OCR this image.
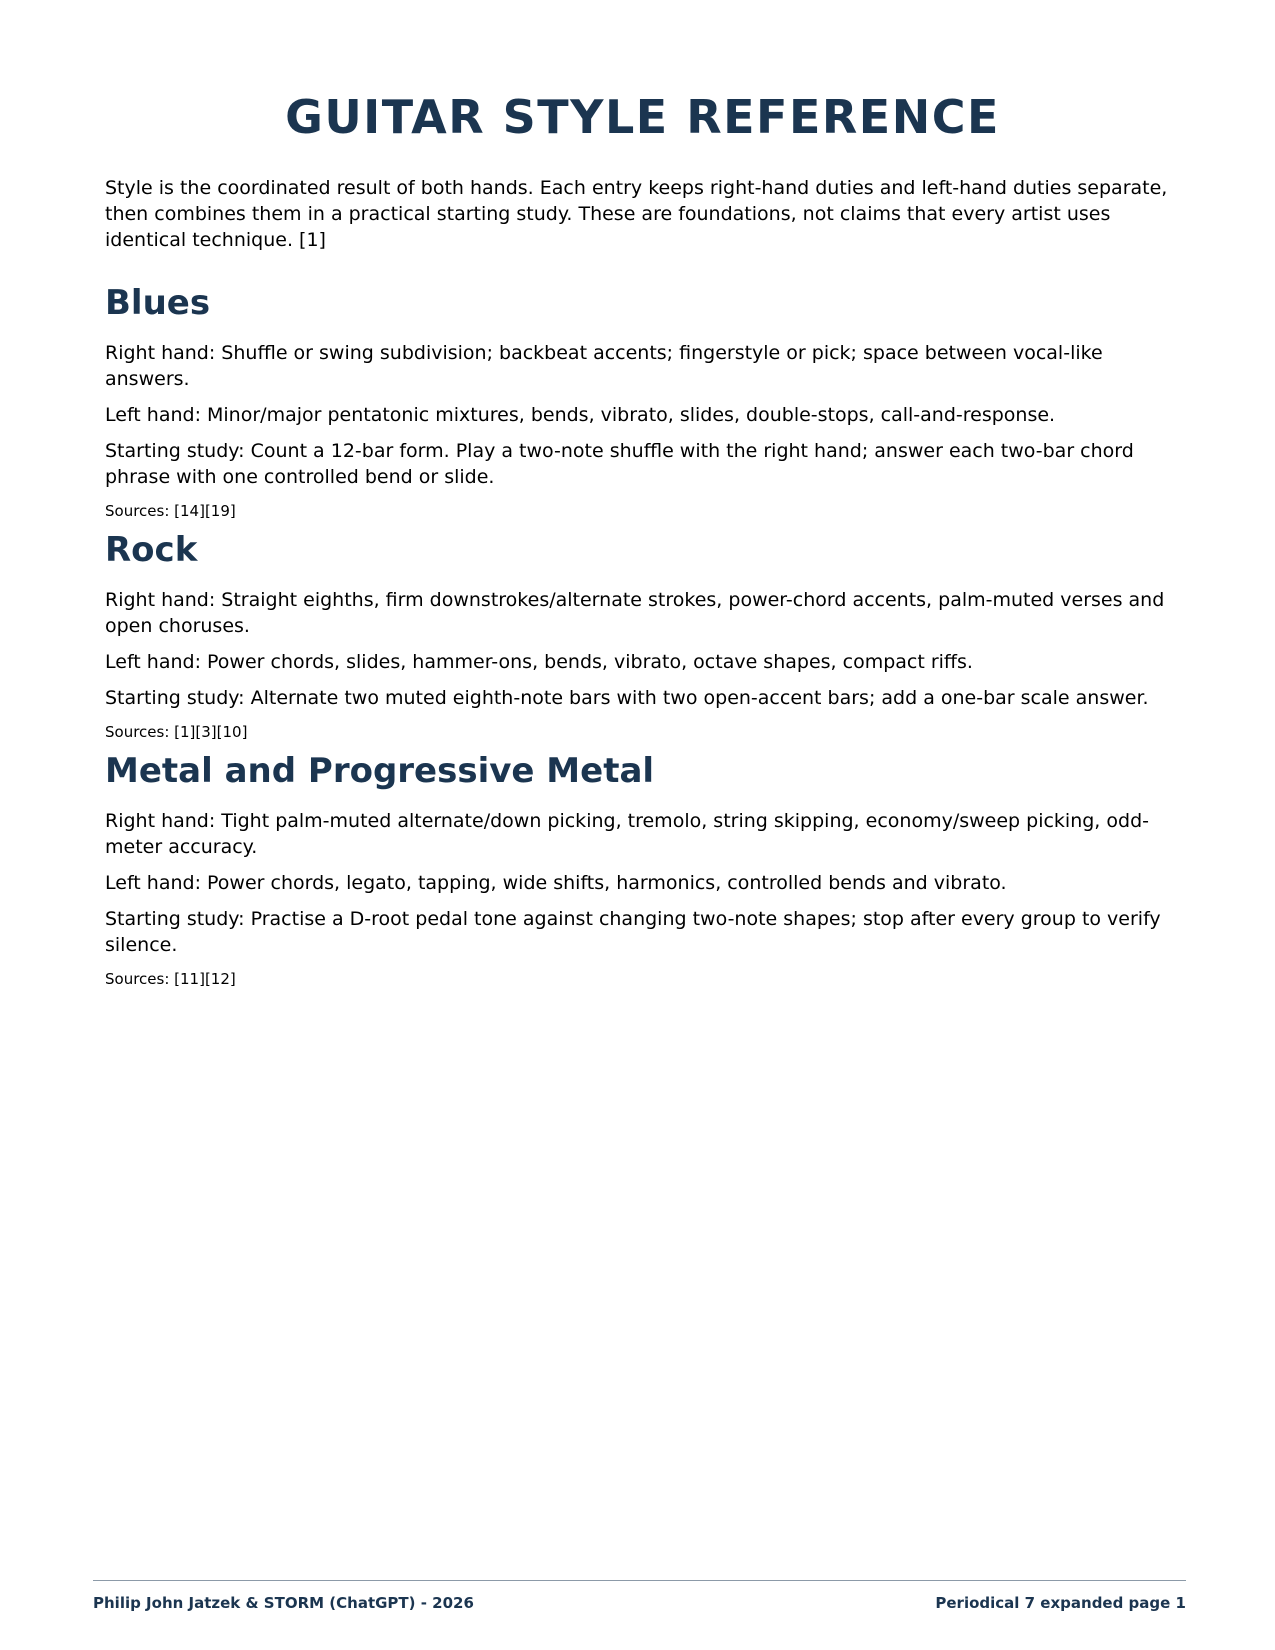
GUITAR STYLE REFERENCE

Style is the coordinated result of both hands. Each entry keeps right-hand duties and left-hand duties separate, then combines them in a practical starting study. These are foundations, not claims that every artist uses identical technique. [1]

Blues

Right hand: Shuffle or swing subdivision; backbeat accents; fingerstyle or pick; space between vocal-like answers.

Left hand: Minor/major pentatonic mixtures, bends, vibrato, slides, double-stops, call-and-response.

Starting study: Count a 12-bar form. Play a two-note shuffle with the right hand; answer each two-bar chord phrase with one controlled bend or slide.

Sources: [14][19]

Rock

Right hand: Straight eighths, firm downstrokes/alternate strokes, power-chord accents, palm-muted verses and open choruses.

Left hand: Power chords, slides, hammer-ons, bends, vibrato, octave shapes, compact riffs.

Starting study: Alternate two muted eighth-note bars with two open-accent bars; add a one-bar scale answer.

Sources: [1][3][10]

Metal and Progressive Metal

Right hand: Tight palm-muted alternate/down picking, tremolo, string skipping, economy/sweep picking, odd-meter accuracy.

Left hand: Power chords, legato, tapping, wide shifts, harmonics, controlled bends and vibrato.

Starting study: Practise a D-root pedal tone against changing two-note shapes; stop after every group to verify silence.

Sources: [11][12]

Philip John Jatzek & STORM (ChatGPT) - 2026	Periodical 7 expanded page 1
